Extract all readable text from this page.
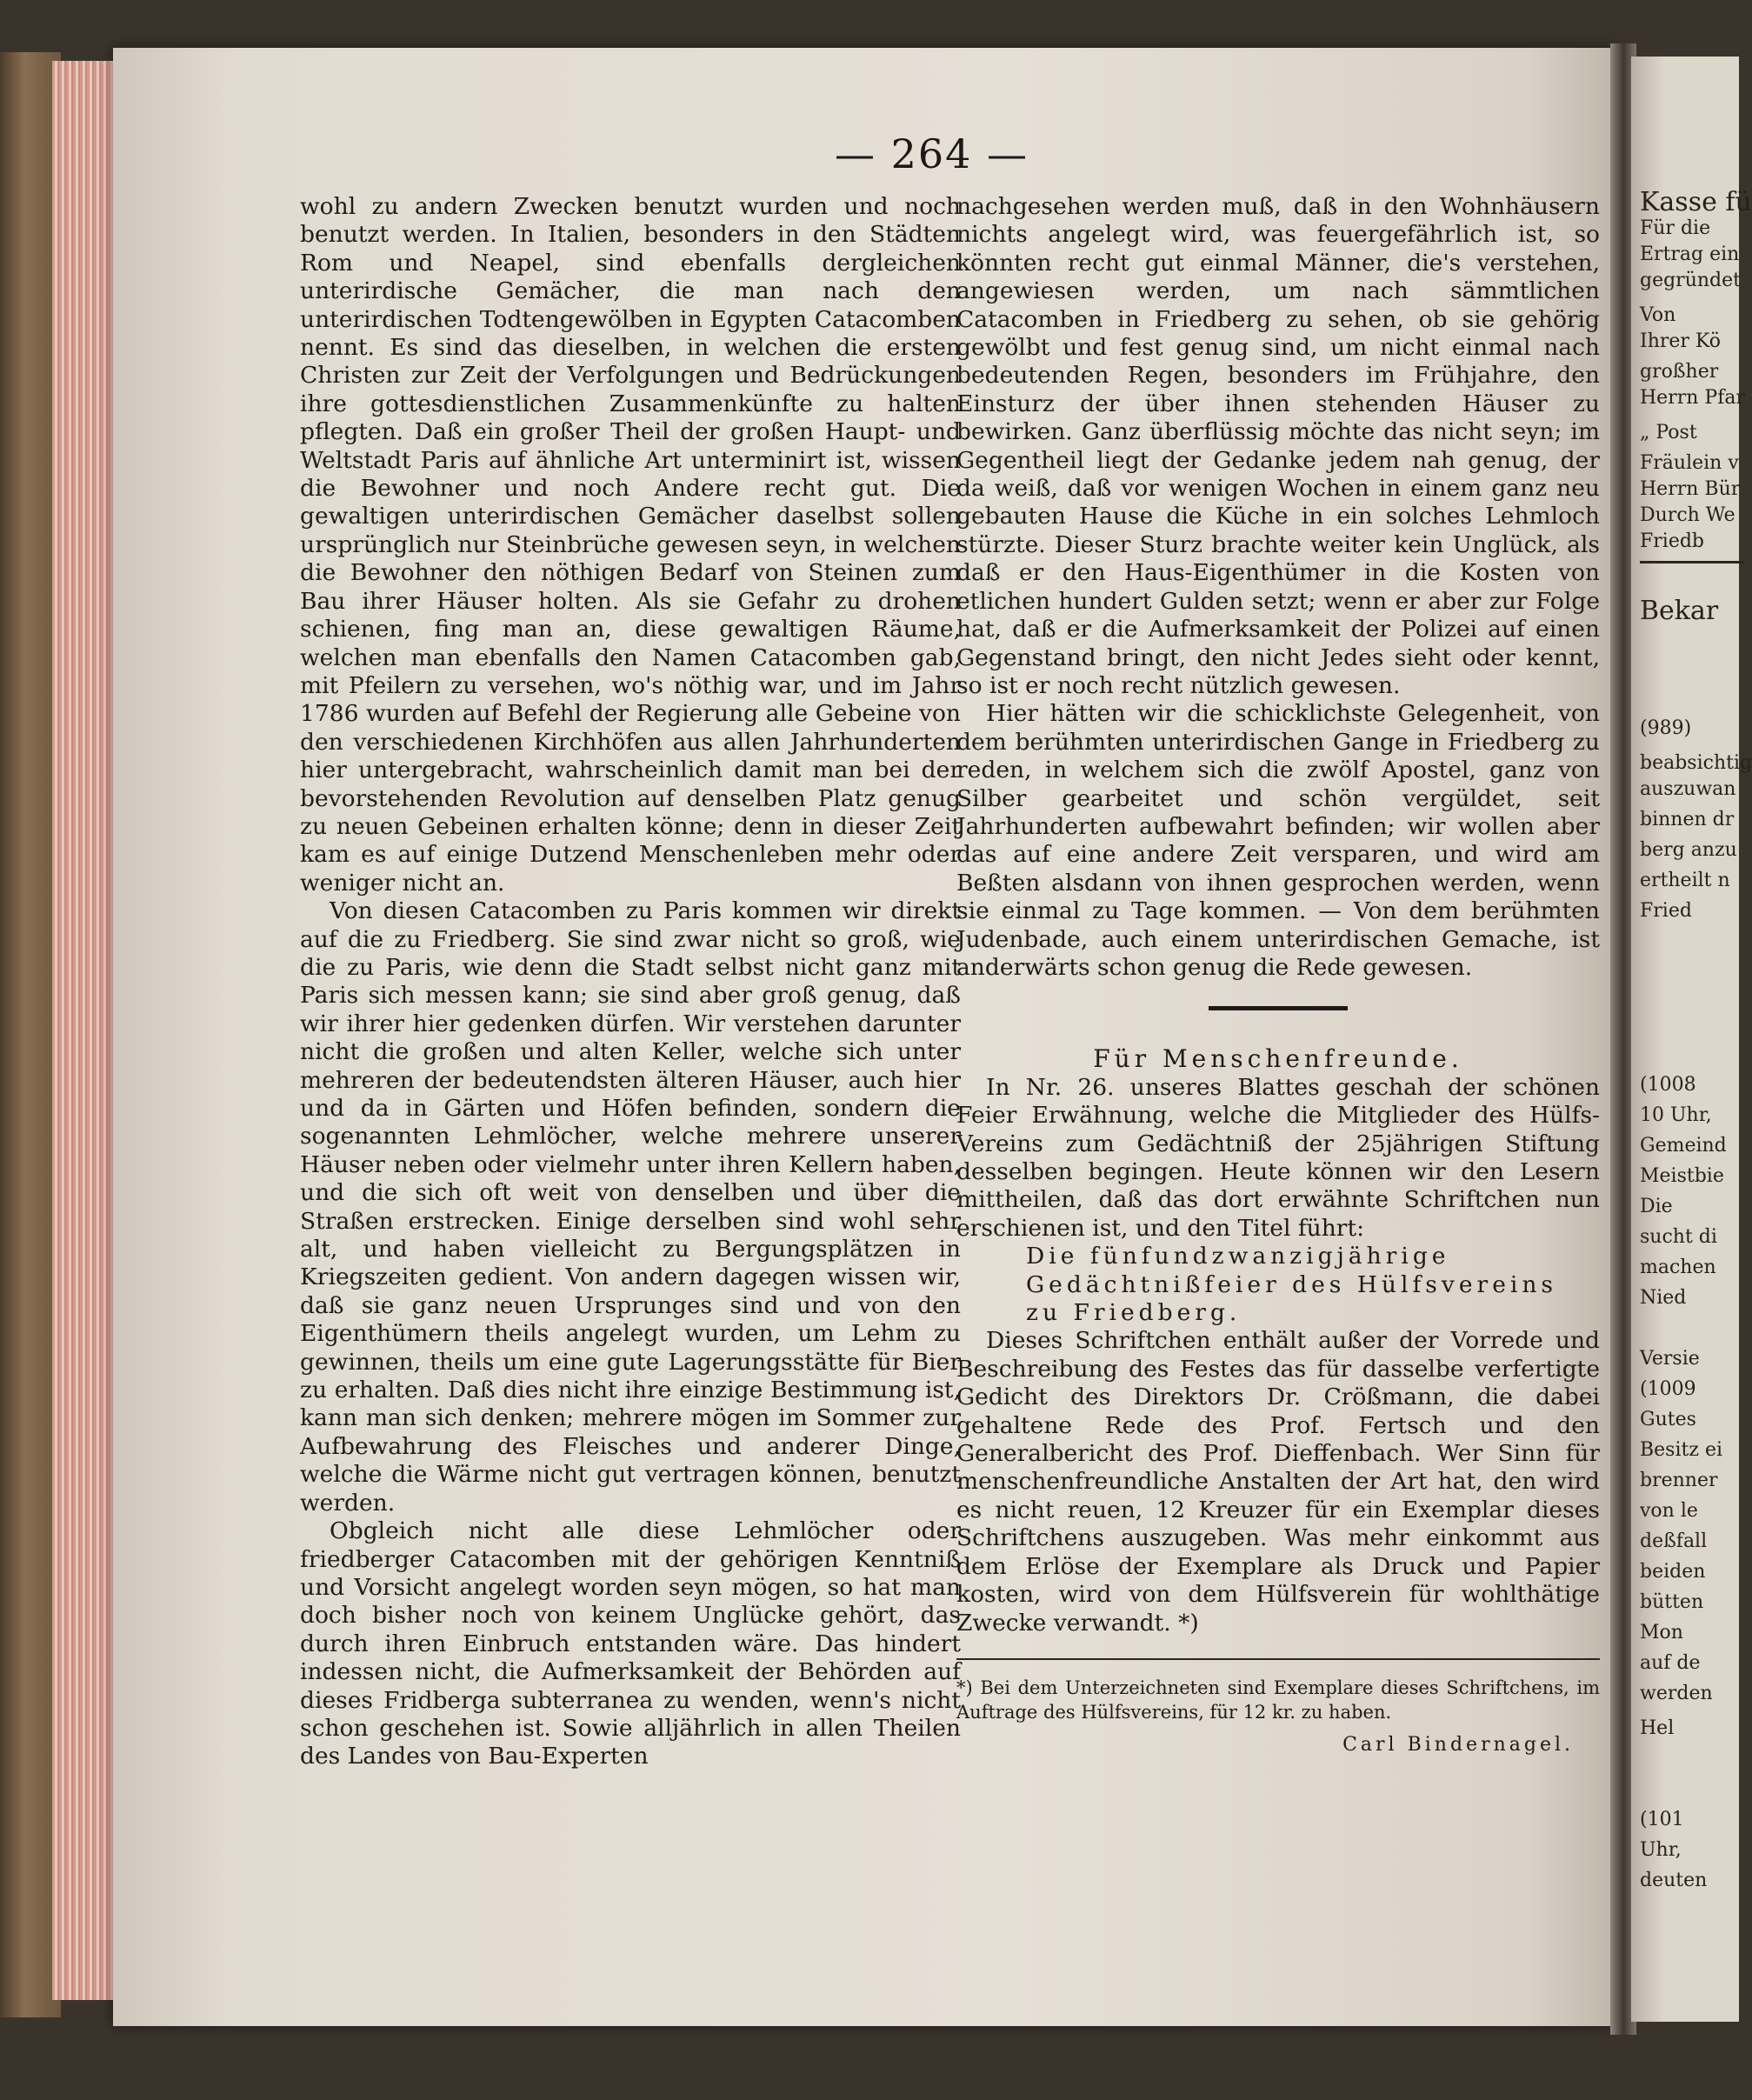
Kasse fü
Für die
Ertrag ein
gegründet
Von
Ihrer Kö
großher
Herrn Pfar
„ Post
Fräulein v
Herrn Bür
Durch We
Friedb
Bekar
(989)
beabsichtig
auszuwan
binnen dr
berg anzu
ertheilt n
Fried
(1008
10 Uhr,
Gemeind
Meistbie
Die
sucht di
machen
Nied
Versie
(1009
Gutes
Besitz ei
brenner
von le
deßfall
beiden
bütten
Mon
auf de
werden
Hel
(101
Uhr,
deuten
— 264 —

wohl zu andern Zwecken benutzt wurden und noch benutzt werden. In Italien, besonders in den Städten Rom und Neapel, sind ebenfalls dergleichen unterirdische Gemächer, die man nach den unterirdischen Todtengewölben in Egypten Catacomben nennt. Es sind das dieselben, in welchen die ersten Christen zur Zeit der Verfolgungen und Bedrückungen ihre gottesdienstlichen Zusammenkünfte zu halten pflegten. Daß ein großer Theil der großen Haupt- und Weltstadt Paris auf ähnliche Art unterminirt ist, wissen die Bewohner und noch Andere recht gut. Die gewaltigen unterirdischen Gemächer daselbst sollen ursprünglich nur Steinbrüche gewesen seyn, in welchen die Bewohner den nöthigen Bedarf von Steinen zum Bau ihrer Häuser holten. Als sie Gefahr zu drohen schienen, fing man an, diese gewaltigen Räume, welchen man ebenfalls den Namen Catacomben gab, mit Pfeilern zu versehen, wo's nöthig war, und im Jahr 1786 wurden auf Befehl der Regierung alle Gebeine von den verschiedenen Kirchhöfen aus allen Jahrhunderten hier untergebracht, wahrscheinlich damit man bei der bevorstehenden Revolution auf denselben Platz genug zu neuen Gebeinen erhalten könne; denn in dieser Zeit kam es auf einige Dutzend Menschenleben mehr oder weniger nicht an.

Von diesen Catacomben zu Paris kommen wir direkt auf die zu Friedberg. Sie sind zwar nicht so groß, wie die zu Paris, wie denn die Stadt selbst nicht ganz mit Paris sich messen kann; sie sind aber groß genug, daß wir ihrer hier gedenken dürfen. Wir verstehen darunter nicht die großen und alten Keller, welche sich unter mehreren der bedeutendsten älteren Häuser, auch hier und da in Gärten und Höfen befinden, sondern die sogenannten Lehmlöcher, welche mehrere unserer Häuser neben oder vielmehr unter ihren Kellern haben, und die sich oft weit von denselben und über die Straßen erstrecken. Einige derselben sind wohl sehr alt, und haben vielleicht zu Bergungsplätzen in Kriegszeiten gedient. Von andern dagegen wissen wir, daß sie ganz neuen Ursprunges sind und von den Eigenthümern theils angelegt wurden, um Lehm zu gewinnen, theils um eine gute Lagerungsstätte für Bier zu erhalten. Daß dies nicht ihre einzige Bestimmung ist, kann man sich denken; mehrere mögen im Sommer zur Aufbewahrung des Fleisches und anderer Dinge, welche die Wärme nicht gut vertragen können, benutzt werden.

Obgleich nicht alle diese Lehmlöcher oder friedberger Catacomben mit der gehörigen Kenntniß und Vorsicht angelegt worden seyn mögen, so hat man doch bisher noch von keinem Unglücke gehört, das durch ihren Einbruch entstanden wäre. Das hindert indessen nicht, die Aufmerksamkeit der Behörden auf dieses Fridberga subterranea zu wenden, wenn's nicht schon geschehen ist. Sowie alljährlich in allen Theilen des Landes von Bau-Experten

nachgesehen werden muß, daß in den Wohnhäusern nichts angelegt wird, was feuergefährlich ist, so könnten recht gut einmal Männer, die's verstehen, angewiesen werden, um nach sämmtlichen Catacomben in Friedberg zu sehen, ob sie gehörig gewölbt und fest genug sind, um nicht einmal nach bedeutenden Regen, besonders im Frühjahre, den Einsturz der über ihnen stehenden Häuser zu bewirken. Ganz überflüssig möchte das nicht seyn; im Gegentheil liegt der Gedanke jedem nah genug, der da weiß, daß vor wenigen Wochen in einem ganz neu gebauten Hause die Küche in ein solches Lehmloch stürzte. Dieser Sturz brachte weiter kein Unglück, als daß er den Haus-Eigenthümer in die Kosten von etlichen hundert Gulden setzt; wenn er aber zur Folge hat, daß er die Aufmerksamkeit der Polizei auf einen Gegenstand bringt, den nicht Jedes sieht oder kennt, so ist er noch recht nützlich gewesen.

Hier hätten wir die schicklichste Gelegenheit, von dem berühmten unterirdischen Gange in Friedberg zu reden, in welchem sich die zwölf Apostel, ganz von Silber gearbeitet und schön vergüldet, seit Jahrhunderten aufbewahrt befinden; wir wollen aber das auf eine andere Zeit versparen, und wird am Beßten alsdann von ihnen gesprochen werden, wenn sie einmal zu Tage kommen. — Von dem berühmten Judenbade, auch einem unterirdischen Gemache, ist anderwärts schon genug die Rede gewesen.

Für Menschenfreunde.

In Nr. 26. unseres Blattes geschah der schönen Feier Erwähnung, welche die Mitglieder des Hülfs-Vereins zum Gedächtniß der 25jährigen Stiftung desselben begingen. Heute können wir den Lesern mittheilen, daß das dort erwähnte Schriftchen nun erschienen ist, und den Titel führt:

Die fünfundzwanzigjährige Gedächtnißfeier des Hülfsvereins zu Friedberg.

Dieses Schriftchen enthält außer der Vorrede und Beschreibung des Festes das für dasselbe verfertigte Gedicht des Direktors Dr. Crößmann, die dabei gehaltene Rede des Prof. Fertsch und den Generalbericht des Prof. Dieffenbach. Wer Sinn für menschenfreundliche Anstalten der Art hat, den wird es nicht reuen, 12 Kreuzer für ein Exemplar dieses Schriftchens auszugeben. Was mehr einkommt aus dem Erlöse der Exemplare als Druck und Papier kosten, wird von dem Hülfsverein für wohlthätige Zwecke verwandt. *)

*) Bei dem Unterzeichneten sind Exemplare dieses Schriftchens, im Auftrage des Hülfsvereins, für 12 kr. zu haben.
Carl Bindernagel.
